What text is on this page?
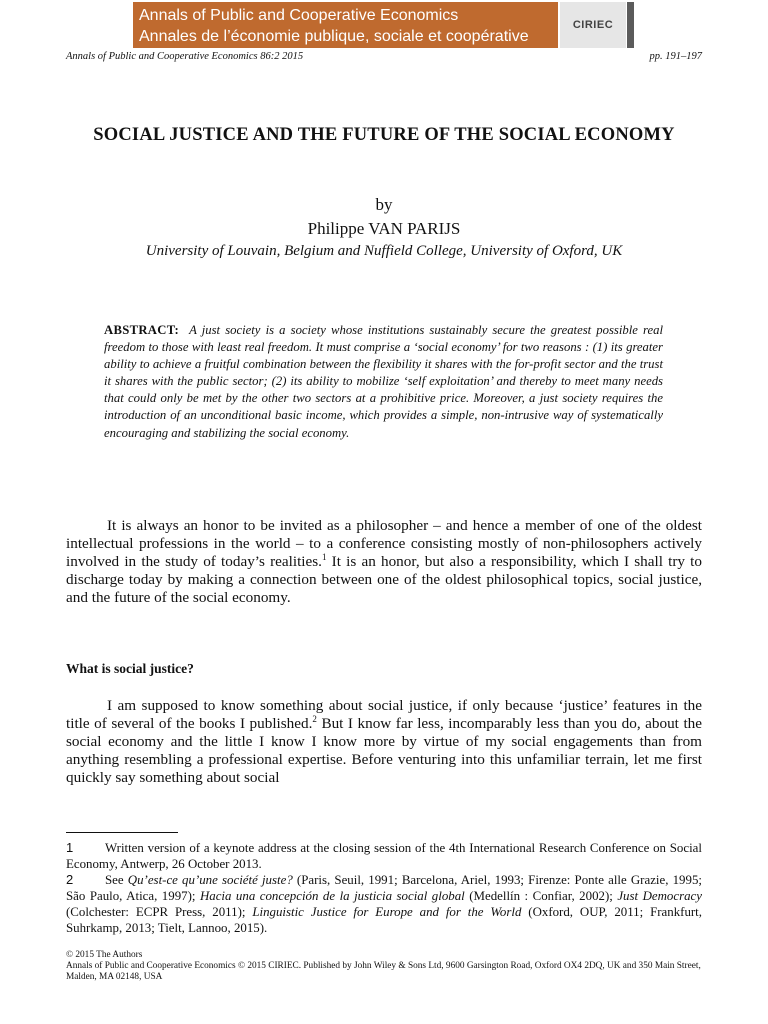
Annals of Public and Cooperative Economics
Annales de l’économie publique, sociale et coopérative
CIRIEC
Annals of Public and Cooperative Economics 86:2 2015	pp. 191–197
SOCIAL JUSTICE AND THE FUTURE OF THE SOCIAL ECONOMY
by
Philippe VAN PARIJS
University of Louvain, Belgium and Nuffield College, University of Oxford, UK
ABSTRACT: A just society is a society whose institutions sustainably secure the greatest possible real freedom to those with least real freedom. It must comprise a ‘social economy’ for two reasons : (1) its greater ability to achieve a fruitful combination between the flexibility it shares with the for-profit sector and the trust it shares with the public sector; (2) its ability to mobilize ‘self exploitation’ and thereby to meet many needs that could only be met by the other two sectors at a prohibitive price. Moreover, a just society requires the introduction of an unconditional basic income, which provides a simple, non-intrusive way of systematically encouraging and stabilizing the social economy.

It is always an honor to be invited as a philosopher – and hence a member of one of the oldest intellectual professions in the world – to a conference consisting mostly of non-philosophers actively involved in the study of today’s realities.$^1$ It is an honor, but also a responsibility, which I shall try to discharge today by making a connection between one of the oldest philosophical topics, social justice, and the future of the social economy.

What is social justice?

I am supposed to know something about social justice, if only because ‘justice’ features in the title of several of the books I published.$^2$ But I know far less, incomparably less than you do, about the social economy and the little I know I know more by virtue of my social engagements than from anything resembling a professional expertise. Before venturing into this unfamiliar terrain, let me first quickly say something about social

1 Written version of a keynote address at the closing session of the 4th International Research Conference on Social Economy, Antwerp, 26 October 2013.
2 See Qu’est-ce qu’une société juste? (Paris, Seuil, 1991; Barcelona, Ariel, 1993; Firenze: Ponte alle Grazie, 1995; São Paulo, Atica, 1997); Hacia una concepción de la justicia social global (Medellín : Confiar, 2002); Just Democracy (Colchester: ECPR Press, 2011); Linguistic Justice for Europe and for the World (Oxford, OUP, 2011; Frankfurt, Suhrkamp, 2013; Tielt, Lannoo, 2015).
© 2015 The Authors
Annals of Public and Cooperative Economics © 2015 CIRIEC. Published by John Wiley & Sons Ltd, 9600 Garsington Road, Oxford OX4 2DQ, UK and 350 Main Street, Malden, MA 02148, USA
